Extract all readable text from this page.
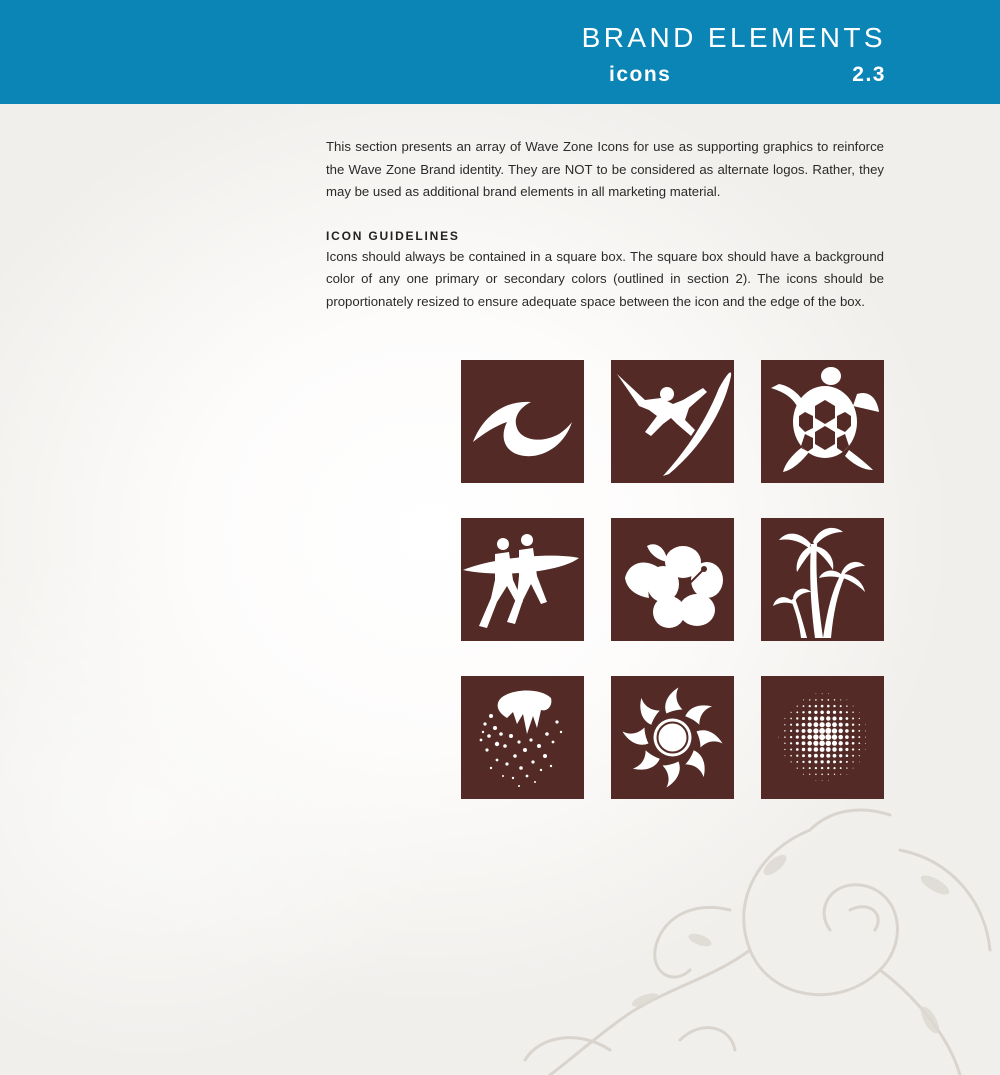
BRAND ELEMENTS
icons	2.3

This section presents an array of Wave Zone Icons for use as supporting graphics to reinforce the Wave Zone Brand identity. They are NOT to be considered as alternate logos. Rather, they may be used as additional brand elements in all marketing material.

ICON GUIDELINES

Icons should always be contained in a square box. The square box should have a background color of any one primary or secondary colors (outlined in section 2). The icons should be proportionately resized to ensure adequate space between the icon and the edge of the box.
